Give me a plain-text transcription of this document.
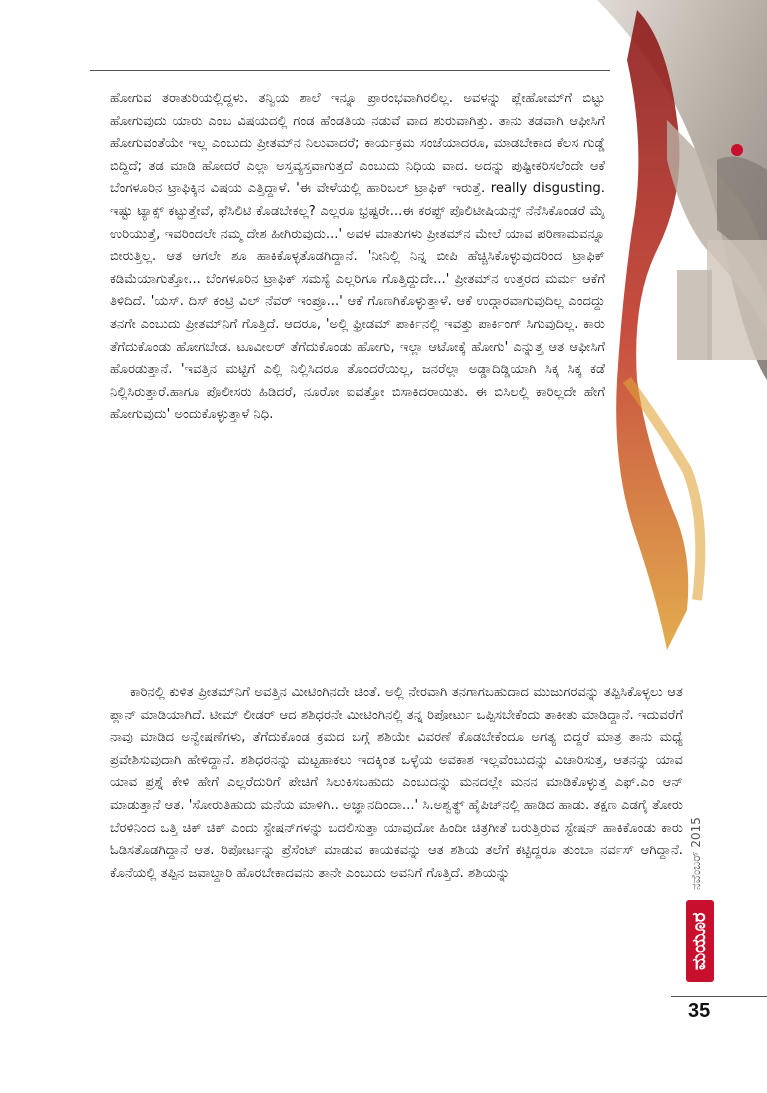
ಹೋಗುವ ತರಾತುರಿಯಲ್ಲಿದ್ದಳು. ತನ್ವಿಯ ಶಾಲೆ ಇನ್ನೂ ಪ್ರಾರಂಭವಾಗಿರಲಿಲ್ಲ. ಅವಳನ್ನು ಪ್ಲೇಹೋಮ್‌ಗೆ ಬಿಟ್ಟು ಹೋಗುವುದು ಯಾರು ಎಂಬ ವಿಷಯದಲ್ಲಿ ಗಂಡ ಹೆಂಡತಿಯ ನಡುವೆ ವಾದ ಶುರುವಾಗಿತ್ತು. ತಾನು ತಡವಾಗಿ ಆಫೀಸಿಗೆ ಹೋಗುವಂತೆಯೇ ಇಲ್ಲ ಎಂಬುದು ಪ್ರೀತಮ್‌ನ ನಿಲುವಾದರೆ; ಕಾರ್ಯಕ್ರಮ ಸಂಜೆಯಾದರೂ, ಮಾಡಬೇಕಾದ ಕೆಲಸ ಗುಡ್ಡೆ ಬಿದ್ದಿದೆ; ತಡ ಮಾಡಿ ಹೋದರೆ ಎಲ್ಲಾ ಅಸ್ತವ್ಯಸ್ತವಾಗುತ್ತದೆ ಎಂಬುದು ನಿಧಿಯ ವಾದ. ಅದನ್ನು ಪುಷ್ಟೀಕರಿಸಲೆಂದೇ ಆಕೆ ಬೆಂಗಳೂರಿನ ಟ್ರಾಫಿಕ್ಕಿನ ವಿಷಯ ಎತ್ತಿದ್ದಾಳೆ. 'ಈ ವೇಳೆಯಲ್ಲಿ ಹಾರಿಬಲ್ ಟ್ರಾಫಿಕ್ ಇರುತ್ತೆ. really disgusting. ಇಷ್ಟು ಟ್ಯಾಕ್ಸ್ ಕಟ್ಟುತ್ತೇವೆ, ಫೆಸಿಲಿಟಿ ಕೊಡಬೇಕಲ್ಲ? ಎಲ್ಲರೂ ಭ್ರಷ್ಟರೇ...ಈ ಕರಪ್ಟ್ ಪೊಲಿಟೀಷಿಯನ್ಸ್ ನೆನೆಸಿಕೊಂಡರೆ ಮೈ ಉರಿಯುತ್ತೆ, ಇವರಿಂದಲೇ ನಮ್ಮ ದೇಶ ಹೀಗಿರುವುದು...' ಅವಳ ಮಾತುಗಳು ಪ್ರೀತಮ್‌ನ ಮೇಲೆ ಯಾವ ಪರಿಣಾಮವನ್ನೂ ಬೀರುತ್ತಿಲ್ಲ. ಆತ ಆಗಲೇ ಶೂ ಹಾಕಿಕೊಳ್ಳತೊಡಗಿದ್ದಾನೆ. 'ನೀನಿಲ್ಲಿ ನಿನ್ನ ಬೀಪಿ ಹೆಚ್ಚಿಸಿಕೊಳ್ಳುವುದರಿಂದ ಟ್ರಾಫಿಕ್ ಕಡಿಮೆಯಾಗುತ್ತೋ... ಬೆಂಗಳೂರಿನ ಟ್ರಾಫಿಕ್ ಸಮಸ್ಯೆ ಎಲ್ಲರಿಗೂ ಗೊತ್ತಿದ್ದುದೇ...' ಪ್ರೀತಮ್‌ನ ಉತ್ತರದ ಮರ್ಮ ಆಕೆಗೆ ತಿಳಿದಿದೆ. 'ಯಸ್. ದಿಸ್ ಕಂಟ್ರಿ ವಿಲ್ ನೆವರ್ ಇಂಪ್ರೂ...' ಆಕೆ ಗೊಣಗಿಕೊಳ್ಳುತ್ತಾಳೆ. ಆಕೆ ಉದ್ಗಾರವಾಗುವುದಿಲ್ಲ ಎಂದದ್ದು ತನಗೇ ಎಂಬುದು ಪ್ರೀತಮ್‌ನಿಗೆ ಗೊತ್ತಿದೆ. ಆದರೂ, 'ಅಲ್ಲಿ ಫ್ರೀಡಮ್ ಪಾರ್ಕಿನಲ್ಲಿ ಇವತ್ತು ಪಾರ್ಕಿಂಗ್ ಸಿಗುವುದಿಲ್ಲ. ಕಾರು ತೆಗೆದುಕೊಂಡು ಹೋಗಬೇಡ. ಟೂವೀಲರ್ ತೆಗೆದುಕೊಂಡು ಹೋಗು, ಇಲ್ಲಾ ಆಟೋಕ್ಕೆ ಹೋಗು' ಎನ್ನುತ್ತ ಆತ ಆಫೀಸಿಗೆ ಹೊರಡುತ್ತಾನೆ. 'ಇವತ್ತಿನ ಮಟ್ಟಿಗೆ ಎಲ್ಲಿ ನಿಲ್ಲಿಸಿದರೂ ತೊಂದರೆಯಿಲ್ಲ, ಜನರೆಲ್ಲಾ ಅಡ್ಡಾದಿಡ್ಡಿಯಾಗಿ ಸಿಕ್ಕ ಸಿಕ್ಕ ಕಡೆ ನಿಲ್ಲಿಸಿರುತ್ತಾರೆ.ಹಾಗೂ ಪೊಲೀಸರು ಹಿಡಿದರೆ, ನೂರೋ ಐವತ್ತೋ ಬಿಸಾಕಿದರಾಯಿತು. ಈ ಬಿಸಿಲಲ್ಲಿ ಕಾರಿಲ್ಲದೇ ಹೇಗೆ ಹೋಗುವುದು' ಅಂದುಕೊಳ್ಳುತ್ತಾಳೆ ನಿಧಿ.

ಕಾರಿನಲ್ಲಿ ಕುಳಿತ ಪ್ರೀತಮ್‌ನಿಗೆ ಅವತ್ತಿನ ಮೀಟಿಂಗಿನದೇ ಚಿಂತೆ. ಅಲ್ಲಿ ನೇರವಾಗಿ ತನಗಾಗಬಹುದಾದ ಮುಜುಗರವನ್ನು ತಪ್ಪಿಸಿಕೊಳ್ಳಲು ಆತ ಪ್ಲಾನ್ ಮಾಡಿಯಾಗಿದೆ. ಟೀಮ್ ಲೀಡರ್ ಆದ ಶಶಿಧರನೇ ಮೀಟಿಂಗಿನಲ್ಲಿ ತನ್ನ ರಿಪೋರ್ಟು ಒಪ್ಪಿಸಬೇಕೆಂದು ತಾಕೀತು ಮಾಡಿದ್ದಾನೆ. ಇದುವರೆಗೆ ನಾವು ಮಾಡಿದ ಅನ್ವೇಷಣೆಗಳು, ತೆಗೆದುಕೊಂಡ ಕ್ರಮದ ಬಗ್ಗೆ ಶಶಿಯೇ ವಿವರಣೆ ಕೊಡಬೇಕೆಂದೂ ಅಗತ್ಯ ಬಿದ್ದರೆ ಮಾತ್ರ ತಾನು ಮಧ್ಯೆ ಪ್ರವೇಶಿಸುವುದಾಗಿ ಹೇಳಿದ್ದಾನೆ. ಶಶಿಧರನನ್ನು ಮಟ್ಟಹಾಕಲು ಇದಕ್ಕಿಂತ ಒಳ್ಳೆಯ ಅವಕಾಶ ಇಲ್ಲವೆಂಬುದನ್ನು ವಿಚಾರಿಸುತ್ತ, ಆತನನ್ನು ಯಾವ ಯಾವ ಪ್ರಶ್ನೆ ಕೇಳಿ ಹೇಗೆ ಎಲ್ಲರೆದುರಿಗೆ ಪೇಚಿಗೆ ಸಿಲುಕಿಸಬಹುದು ಎಂಬುದನ್ನು ಮನದಲ್ಲೇ ಮನನ ಮಾಡಿಕೊಳ್ಳುತ್ತ ಎಫ್.ಎಂ ಆನ್ ಮಾಡುತ್ತಾನೆ ಆತ. 'ಸೋರುತಿಹುದು ಮನೆಯ ಮಾಳಿಗಿ.. ಅಜ್ಞಾನದಿಂದಾ...' ಸಿ.ಅಶ್ವತ್ಥ್ ಹೈಪಿಚ್‌ನಲ್ಲಿ ಹಾಡಿದ ಹಾಡು. ತಕ್ಷಣ ಎಡಗೈ ತೋರು ಬೆರಳಿನಿಂದ ಒತ್ತಿ ಚಿಕ್ ಚಿಕ್ ಎಂದು ಸ್ಟೇಷನ್‌ಗಳನ್ನು ಬದಲಿಸುತ್ತಾ ಯಾವುದೋ ಹಿಂದೀ ಚಿತ್ರಗೀತೆ ಬರುತ್ತಿರುವ ಸ್ಟೇಷನ್ ಹಾಕಿಕೊಂಡು ಕಾರು ಓಡಿಸತೊಡಗಿದ್ದಾನೆ ಆತ. ರಿಪೋರ್ಟನ್ನು ಪ್ರೆಸೆಂಟ್ ಮಾಡುವ ಕಾಯಕವನ್ನು ಆತ ಶಶಿಯ ತಲೆಗೆ ಕಟ್ಟಿದ್ದರೂ ತುಂಬಾ ನರ್ವಸ್ ಆಗಿದ್ದಾನೆ. ಕೊನೆಯಲ್ಲಿ ತಪ್ಪಿನ ಜವಾಬ್ದಾರಿ ಹೊರಬೇಕಾದವನು ತಾನೇ ಎಂಬುದು ಅವನಿಗೆ ಗೊತ್ತಿದೆ. ಶಶಿಯನ್ನು	ನವೆಂಬರ್ 2015
ಮಯೂರ
35
